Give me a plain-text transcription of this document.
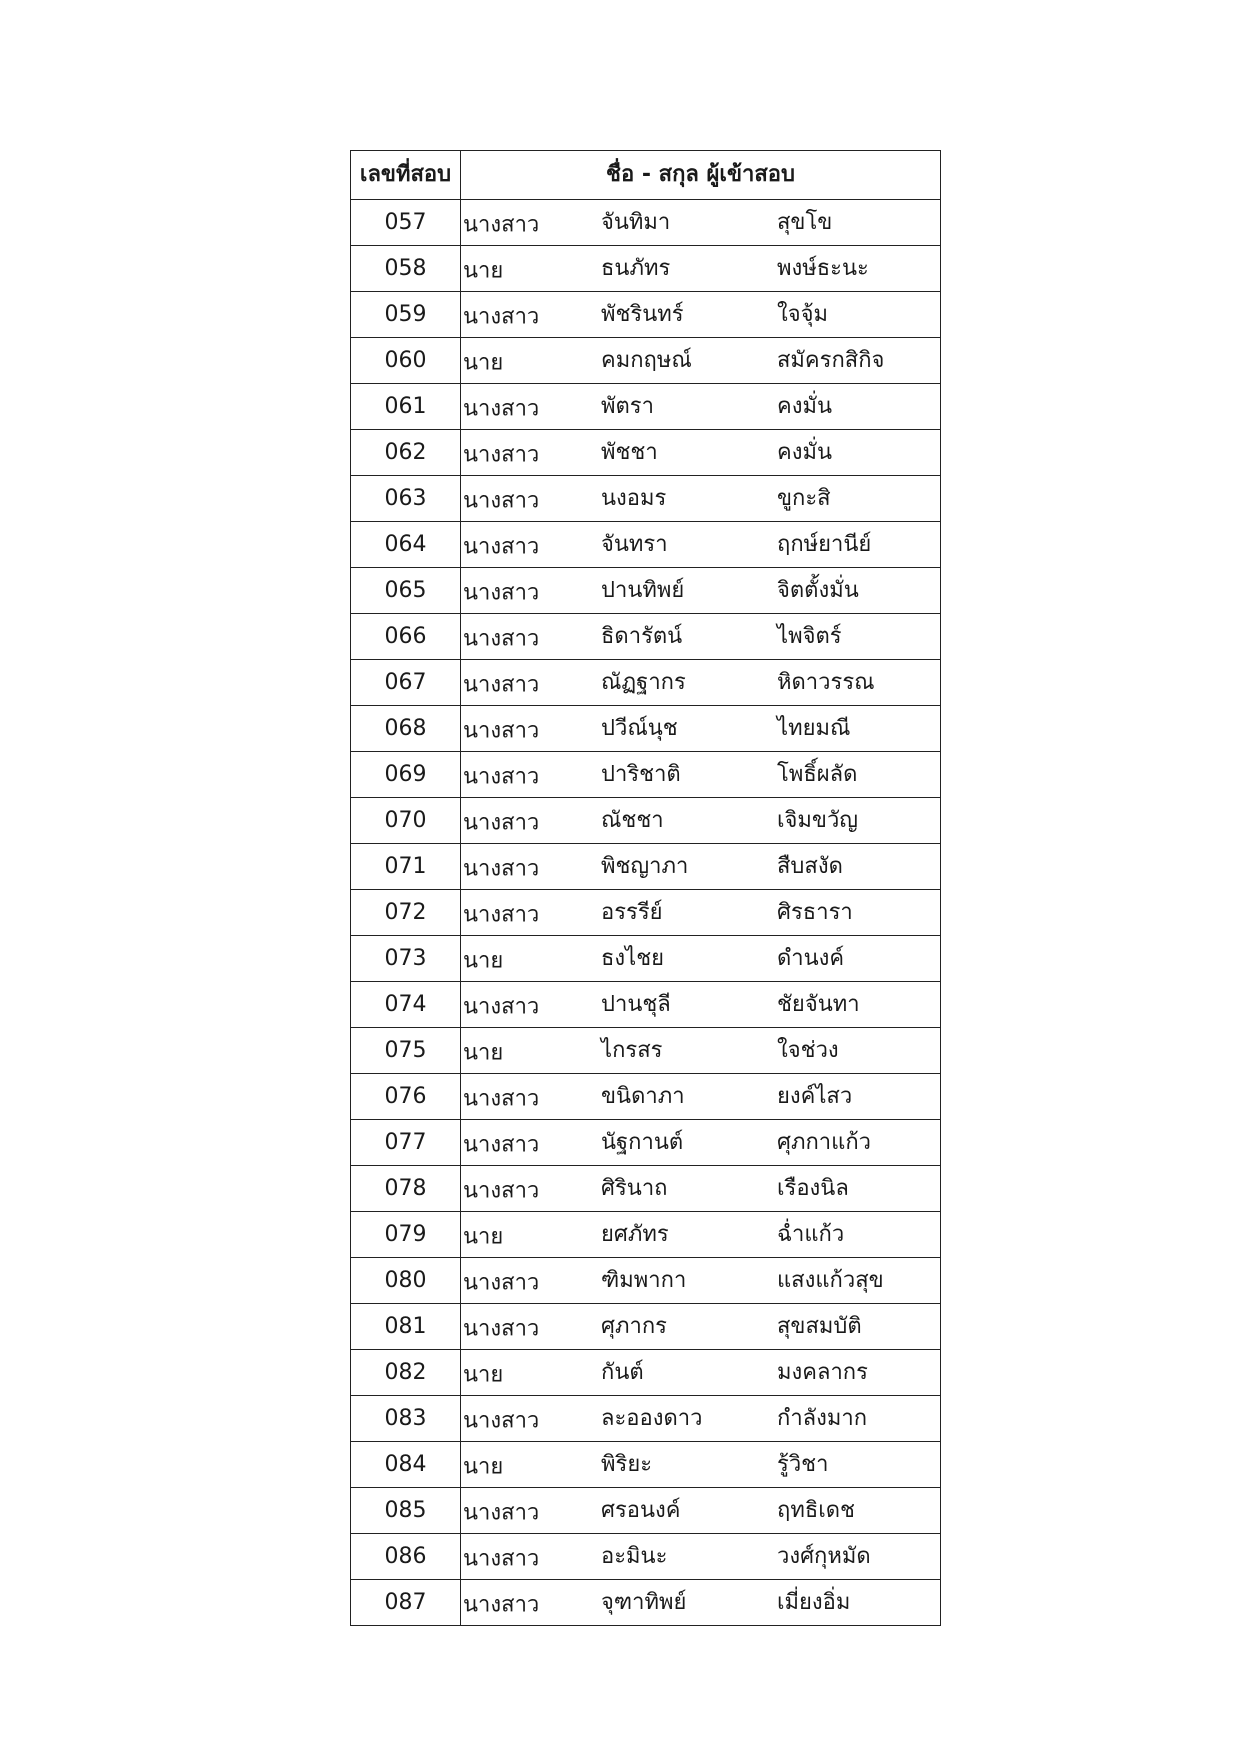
เลขที่สอบ	ชื่อ - สกุล ผู้เข้าสอบ
057	นางสาว จันทิมา สุขโข

058	นาย ธนภัทร พงษ์ธะนะ

059	นางสาว พัชรินทร์ ใจจุ้ม

060	นาย คมกฤษณ์ สมัครกสิกิจ

061	นางสาว พัตรา คงมั่น

062	นางสาว พัชชา คงมั่น

063	นางสาว นงอมร ขูกะสิ

064	นางสาว จันทรา ฤกษ์ยานีย์

065	นางสาว ปานทิพย์ จิตตั้งมั่น

066	นางสาว ธิดารัตน์ ไพจิตร์

067	นางสาว ณัฏฐากร หิดาวรรณ

068	นางสาว ปวีณ์นุช ไทยมณี

069	นางสาว ปาริชาติ โพธิ์ผลัด

070	นางสาว ณัชชา เจิมขวัญ

071	นางสาว พิชญาภา สืบสงัด

072	นางสาว อรรรีย์ ศิรธารา

073	นาย ธงไชย ดำนงค์

074	นางสาว ปานชุลี ชัยจันทา

075	นาย ไกรสร ใจช่วง

076	นางสาว ขนิดาภา ยงค์ไสว

077	นางสาว นัฐกานต์ ศุภกาแก้ว

078	นางสาว ศิรินาถ เรืองนิล

079	นาย ยศภัทร ฉ่ำแก้ว

080	นางสาว ฑิมพากา แสงแก้วสุข

081	นางสาว ศุภากร สุขสมบัติ

082	นาย กันต์ มงคลากร

083	นางสาว ละอองดาว กำลังมาก

084	นาย พิริยะ รู้วิชา

085	นางสาว ศรอนงค์ ฤทธิเดช

086	นางสาว อะมินะ วงศ์กุหมัด

087	นางสาว จุฑาทิพย์ เมี่ยงอิ่ม
